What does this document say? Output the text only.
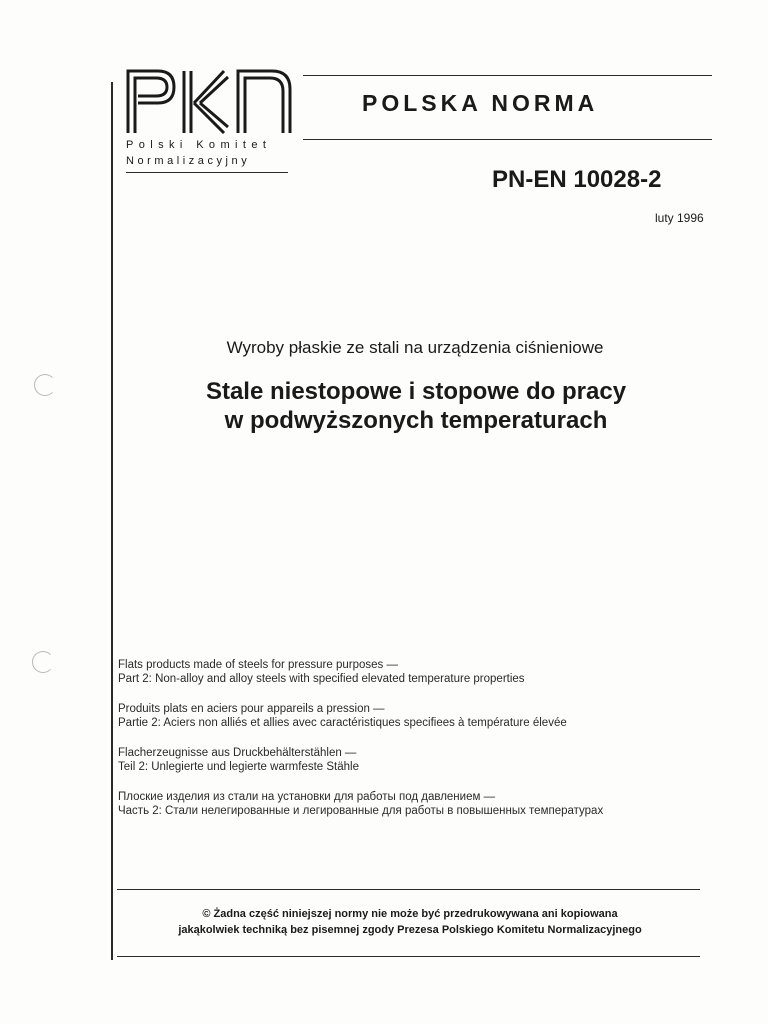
Polski Komitet
Normalizacyjny
POLSKA NORMA
PN-EN 10028-2
luty 1996
Wyroby płaskie ze stali na urządzenia ciśnieniowe
Stale niestopowe i stopowe do pracy
w podwyższonych temperaturach
Flats products made of steels for pressure purposes —
Part 2: Non-alloy and alloy steels with specified elevated temperature properties
Produits plats en aciers pour appareils a pression —
Partie 2: Aciers non alliés et allies avec caractéristiques specifiees à température élevée
Flacherzeugnisse aus Druckbehälterstählen —
Teil 2: Unlegierte und legierte warmfeste Stähle
Плоские изделия из стали на установки для работы под давлением —
Часть 2: Стали нелегированные и легированные для работы в повышенных температурах
© Żadna część niniejszej normy nie może być przedrukowywana ani kopiowana
jakąkolwiek techniką bez pisemnej zgody Prezesa Polskiego Komitetu Normalizacyjnego
